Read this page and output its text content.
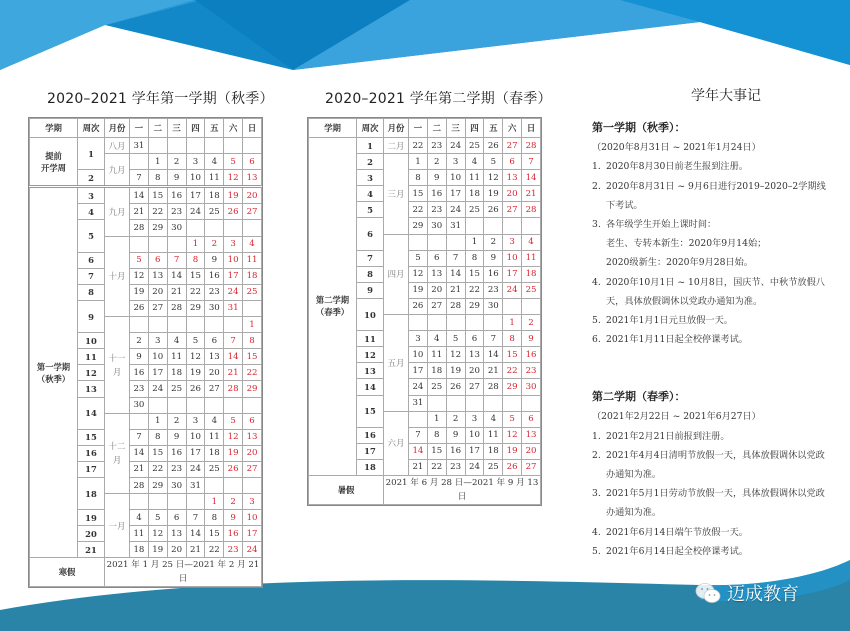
2020–2021 学年第一学期（秋季）	2020–2021 学年第二学期（春季）
学期	周次	月份	一	二	三	四	五	六	日
提前
开学周	1	八月	31						
		九月		1	2	3	4	5	6
	2		7	8	9	10	11	12	13
第一学期
（秋季）	3	九月	14	15	16	17	18	19	20
	4		21	22	23	24	25	26	27
	5		28	29	30				
		十月				1	2	3	4
	6		5	6	7	8	9	10	11
	7		12	13	14	15	16	17	18
	8		19	20	21	22	23	24	25
	9		26	27	28	29	30	31	
		十一月							1
	10		2	3	4	5	6	7	8
	11		9	10	11	12	13	14	15
	12		16	17	18	19	20	21	22
	13		23	24	25	26	27	28	29
	14		30						
		十二月		1	2	3	4	5	6
	15		7	8	9	10	11	12	13
	16		14	15	16	17	18	19	20
	17		21	22	23	24	25	26	27
	18		28	29	30	31			
		一月					1	2	3
	19		4	5	6	7	8	9	10
	20		11	12	13	14	15	16	17
	21		18	19	20	21	22	23	24
寒假		2021 年 1 月 25 日—2021 年 2 月 21 日							
学期	周次	月份	一	二	三	四	五	六	日
第二学期
（春季）	1	二月	22	23	24	25	26	27	28
	2	三月	1	2	3	4	5	6	7
	3		8	9	10	11	12	13	14
	4		15	16	17	18	19	20	21
	5		22	23	24	25	26	27	28
	6		29	30	31				
		四月				1	2	3	4
	7		5	6	7	8	9	10	11
	8		12	13	14	15	16	17	18
	9		19	20	21	22	23	24	25
	10		26	27	28	29	30		
		五月						1	2
	11		3	4	5	6	7	8	9
	12		10	11	12	13	14	15	16
	13		17	18	19	20	21	22	23
	14		24	25	26	27	28	29	30
	15		31						
		六月		1	2	3	4	5	6
	16		7	8	9	10	11	12	13
	17		14	15	16	17	18	19	20
	18		21	22	23	24	25	26	27
暑假		2021 年 6 月 28 日—2021 年 9 月 13 日							
学年大事记
第一学期（秋季）：
（2020年8月31日 ~ 2021年1月24日）
1. 2020年8月30日前老生报到注册。
2. 2020年8月31日 ~ 9月6日进行2019–2020–2学期线下考试。
3. 各年级学生开始上课时间：
老生、专转本新生：2020年9月14始；
2020级新生：2020年9月28日始。
4. 2020年10月1日 ~ 10月8日，国庆节、中秋节放假八天，具体放假调休以党政办通知为准。
5. 2021年1月1日元旦放假一天。
6. 2021年1月11日起全校停课考试。
第二学期（春季）：
（2021年2月22日 ~ 2021年6月27日）
1. 2021年2月21日前报到注册。
2. 2021年4月4日清明节放假一天，具体放假调休以党政办通知为准。
3. 2021年5月1日劳动节放假一天，具体放假调休以党政办通知为准。
4. 2021年6月14日端午节放假一天。
5. 2021年6月14日起全校停课考试。
迈成教育
